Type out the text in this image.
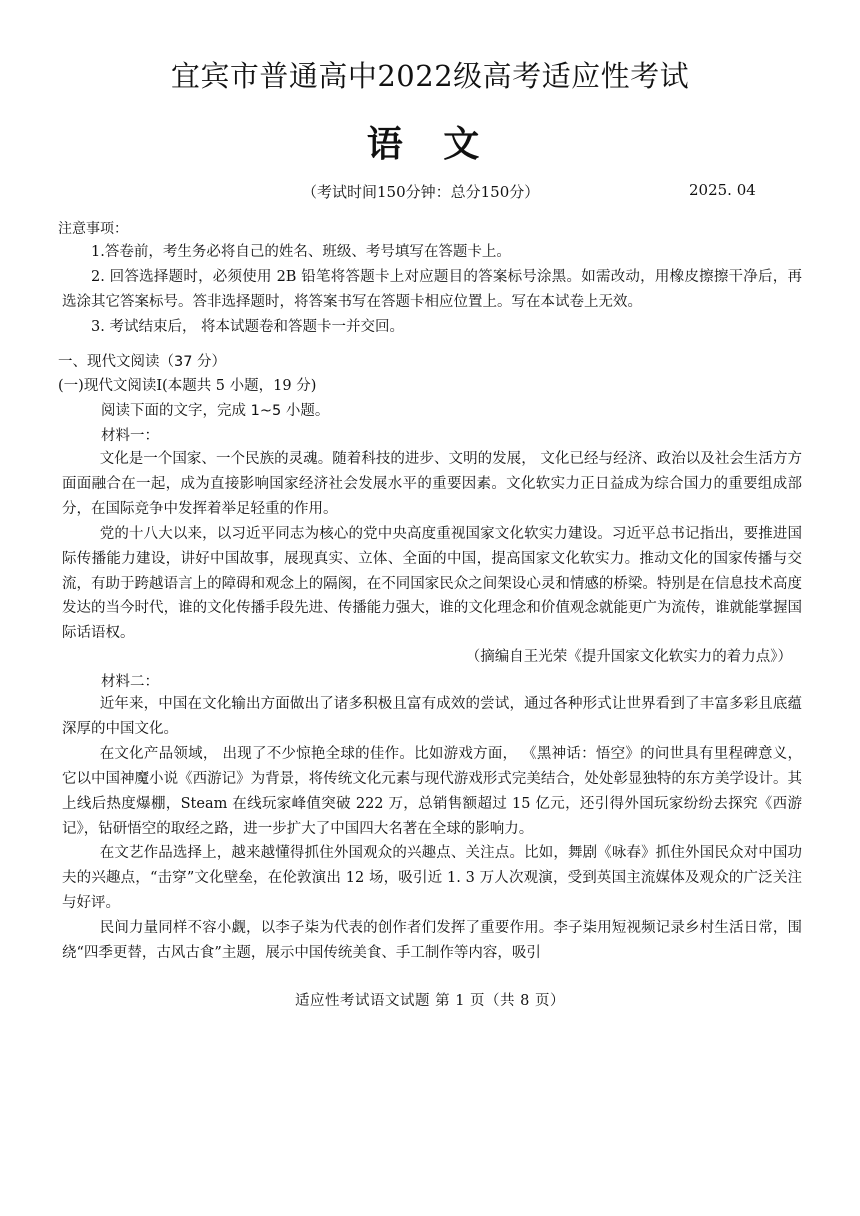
宜宾市普通高中2022级高考适应性考试
语 文
（考试时间150分钟：总分150分）	2025. 04
注意事项：

1.答卷前，考生务必将自己的姓名、班级、考号填写在答题卡上。

2. 回答选择题时，必须使用 2B 铅笔将答题卡上对应题目的答案标号涂黑。如需改动，用橡皮擦擦干净后，再选涂其它答案标号。答非选择题时，将答案书写在答题卡相应位置上。写在本试卷上无效。

3. 考试结束后， 将本试题卷和答题卡一并交回。

一、现代文阅读（37 分）
(一)现代文阅读Ⅰ(本题共 5 小题，19 分)
阅读下面的文字，完成 1~5 小题。
材料一：

文化是一个国家、一个民族的灵魂。随着科技的进步、文明的发展， 文化已经与经济、政治以及社会生活方方面面融合在一起，成为直接影响国家经济社会发展水平的重要因素。文化软实力正日益成为综合国力的重要组成部分，在国际竞争中发挥着举足轻重的作用。

党的十八大以来，以习近平同志为核心的党中央高度重视国家文化软实力建设。习近平总书记指出，要推进国际传播能力建设，讲好中国故事，展现真实、立体、全面的中国，提高国家文化软实力。推动文化的国家传播与交流，有助于跨越语言上的障碍和观念上的隔阂，在不同国家民众之间架设心灵和情感的桥梁。特别是在信息技术高度发达的当今时代，谁的文化传播手段先进、传播能力强大，谁的文化理念和价值观念就能更广为流传，谁就能掌握国际话语权。

（摘编自王光荣《提升国家文化软实力的着力点》）
材料二：

近年来，中国在文化输出方面做出了诸多积极且富有成效的尝试，通过各种形式让世界看到了丰富多彩且底蕴深厚的中国文化。

在文化产品领域， 出现了不少惊艳全球的佳作。比如游戏方面， 《黑神话：悟空》的问世具有里程碑意义，它以中国神魔小说《西游记》为背景，将传统文化元素与现代游戏形式完美结合，处处彰显独特的东方美学设计。其上线后热度爆棚，Steam 在线玩家峰值突破 222 万，总销售额超过 15 亿元，还引得外国玩家纷纷去探究《西游记》，钻研悟空的取经之路，进一步扩大了中国四大名著在全球的影响力。

在文艺作品选择上，越来越懂得抓住外国观众的兴趣点、关注点。比如，舞剧《咏春》抓住外国民众对中国功夫的兴趣点，“击穿”文化壁垒，在伦敦演出 12 场，吸引近 1. 3 万人次观演，受到英国主流媒体及观众的广泛关注与好评。

民间力量同样不容小觑，以李子柒为代表的创作者们发挥了重要作用。李子柒用短视频记录乡村生活日常，围绕“四季更替，古风古食”主题，展示中国传统美食、手工制作等内容，吸引

适应性考试语文试题 第 1 页（共 8 页）
